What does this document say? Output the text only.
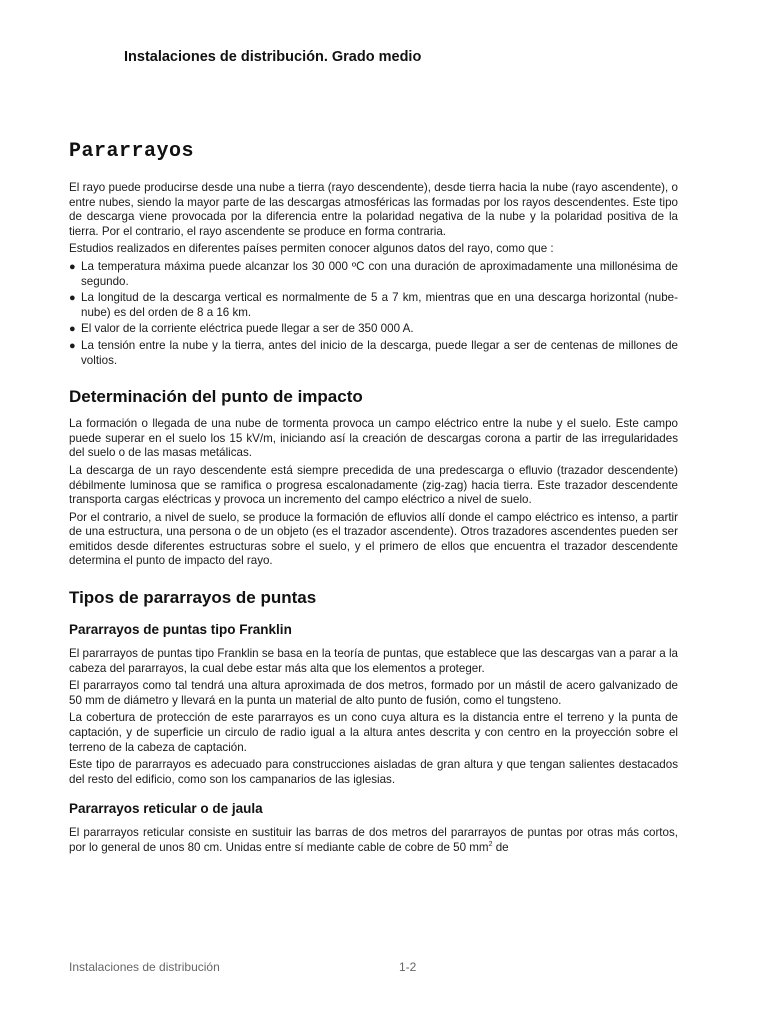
Instalaciones de distribución. Grado medio
Pararrayos

El rayo puede producirse desde una nube a tierra (rayo descendente), desde tierra hacia la nube (rayo ascendente), o entre nubes, siendo la mayor parte de las descargas atmosféricas las formadas por los rayos descendentes. Este tipo de descarga viene provocada por la diferencia entre la polaridad negativa de la nube y la polaridad positiva de la tierra. Por el contrario, el rayo ascendente se produce en forma contraria.

Estudios realizados en diferentes países permiten conocer algunos datos del rayo, como que :

● La temperatura máxima puede alcanzar los 30 000 ºC con una duración de aproximadamente una millonésima de segundo.
● La longitud de la descarga vertical es normalmente de 5 a 7 km, mientras que en una descarga horizontal (nube-nube) es del orden de 8 a 16 km.
● El valor de la corriente eléctrica puede llegar a ser de 350 000 A.
● La tensión entre la nube y la tierra, antes del inicio de la descarga, puede llegar a ser de centenas de millones de voltios.
Determinación del punto de impacto

La formación o llegada de una nube de tormenta provoca un campo eléctrico entre la nube y el suelo. Este campo puede superar en el suelo los 15 kV/m, iniciando así la creación de descargas corona a partir de las irregularidades del suelo o de las masas metálicas.

La descarga de un rayo descendente está siempre precedida de una predescarga o efluvio (trazador descendente) débilmente luminosa que se ramifica o progresa escalonadamente (zig-zag) hacia tierra. Este trazador descendente transporta cargas eléctricas y provoca un incremento del campo eléctrico a nivel de suelo.

Por el contrario, a nivel de suelo, se produce la formación de efluvios allí donde el campo eléctrico es intenso, a partir de una estructura, una persona o de un objeto (es el trazador ascendente). Otros trazadores ascendentes pueden ser emitidos desde diferentes estructuras sobre el suelo, y el primero de ellos que encuentra el trazador descendente determina el punto de impacto del rayo.

Tipos de pararrayos de puntas
Pararrayos de puntas tipo Franklin

El pararrayos de puntas tipo Franklin se basa en la teoría de puntas, que establece que las descargas van a parar a la cabeza del pararrayos, la cual debe estar más alta que los elementos a proteger.

El pararrayos como tal tendrá una altura aproximada de dos metros, formado por un mástil de acero galvanizado de 50 mm de diámetro y llevará en la punta un material de alto punto de fusión, como el tungsteno.

La cobertura de protección de este pararrayos es un cono cuya altura es la distancia entre el terreno y la punta de captación, y de superficie un circulo de radio igual a la altura antes descrita y con centro en la proyección sobre el terreno de la cabeza de captación.

Este tipo de pararrayos es adecuado para construcciones aisladas de gran altura y que tengan salientes destacados del resto del edificio, como son los campanarios de las iglesias.

Pararrayos reticular o de jaula

El pararrayos reticular consiste en sustituir las barras de dos metros del pararrayos de puntas por otras más cortos, por lo general de unos 80 cm. Unidas entre sí mediante cable de cobre de 50 $mm^2$ de

Instalaciones de distribución	1-2
